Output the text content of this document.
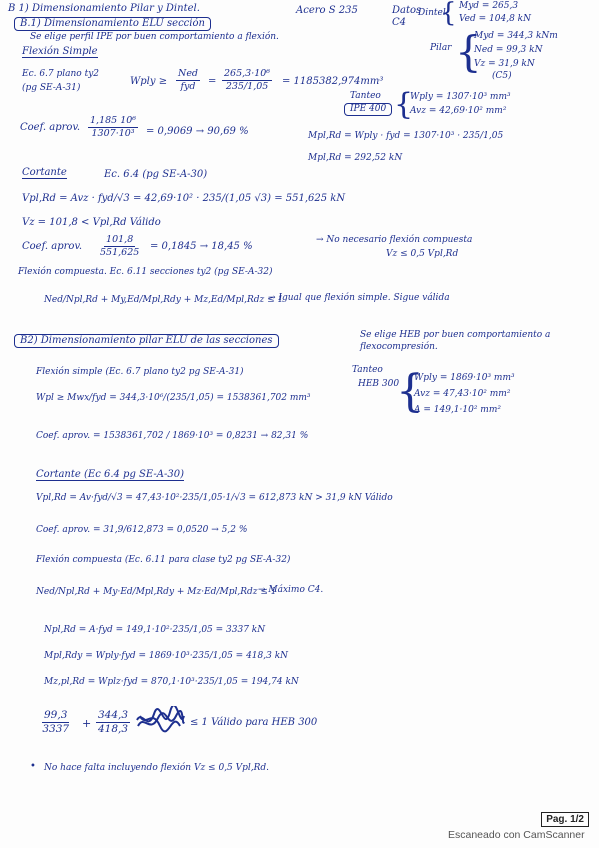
B 1) Dimensionamiento Pilar y Dintel.	Acero S 235	Datos
C4 {
Dintel
Myd = 265,3
Ved = 104,8 kN
{
Pilar
Myd = 344,3 kNm
Ned = 99,3 kN
Vz = 31,9 kN
(C5)
B.1) Dimensionamiento ELU sección
Se elige perfil IPE por buen comportamiento a flexión.
Flexión Simple
Ec. 6.7 plano ty2
(pg SE-A-31)
Wply ≥
Ned
fyd = $\frac{\text{265,3·10⁶}}{235/1,05} = 1185382,974mm^3$
Tanteo
IPE 400 {
Wply = 1307·10³ mm³
Avz = 42,69·10² mm²
Coef. aprov. $\frac{\text{1,185 10⁶}}{\text{1307·10³}} = 0,9069 \to 90,69$ %	Mpl,Rd = Wply · fyd = 1307·10³ · 235/1,05
Mpl,Rd = 292,52 kN
Cortante	Ec. 6.4 (pg SE-A-30)
Vpl,Rd = Avz · fyd/√3 = 42,69·10² · 235/(1,05 √3) = 551,625 kN
Vz = 101,8 < Vpl,Rd Válido
Coef. aprov. $\frac{101,8}{551,625} = 0,1845 \to 18,45$ %
→ No necesario flexión compuesta
Vz ≤ 0,5 Vpl,Rd
Flexión compuesta. Ec. 6.11 secciones ty2 (pg SE-A-32)
Ned/Npl,Rd + My,Ed/Mpl,Rdy + Mz,Ed/Mpl,Rdz ≤ 1
→ Igual que flexión simple. Sigue válida
B2) Dimensionamiento pilar ELU de las secciones	Se elige HEB por buen comportamiento a flexocompresión.
Flexión simple (Ec. 6.7 plano ty2 pg SE-A-31)
Wpl ≥ Mwx/fyd = 344,3·10⁶/(235/1,05) = 1538361,702 mm³
Tanteo
HEB 300
{
Wply = 1869·10³ mm³
Avz = 47,43·10² mm²
A = 149,1·10² mm²
Coef. aprov. = 1538361,702 / 1869·10³ = 0,8231 → 82,31 %
Cortante (Ec 6.4 pg SE-A-30)
Vpl,Rd = Av·fyd/√3 = 47,43·10²·235/1,05·1/√3 = 612,873 kN > 31,9 kN Válido
Coef. aprov. = 31,9/612,873 = 0,0520 → 5,2 %
Flexión compuesta (Ec. 6.11 para clase ty2 pg SE-A-32)
Ned/Npl,Rd + My·Ed/Mpl,Rdy + Mz·Ed/Mpl,Rdz ≤ 1
→ Máximo C4.
Npl,Rd = A·fyd = 149,1·10²·235/1,05 = 3337 kN
Mpl,Rdy = Wply·fyd = 1869·10³·235/1,05 = 418,3 kN
Mz,pl,Rd = Wplz·fyd = 870,1·10³·235/1,05 = 194,74 kN
$\frac{99,3}{3337} + \frac{344,3}{418,3}$	≤ 1 Válido para HEB 300
• No hace falta incluyendo flexión Vz ≤ 0,5 Vpl,Rd.
Pag. 1/2
Escaneado con CamScanner
